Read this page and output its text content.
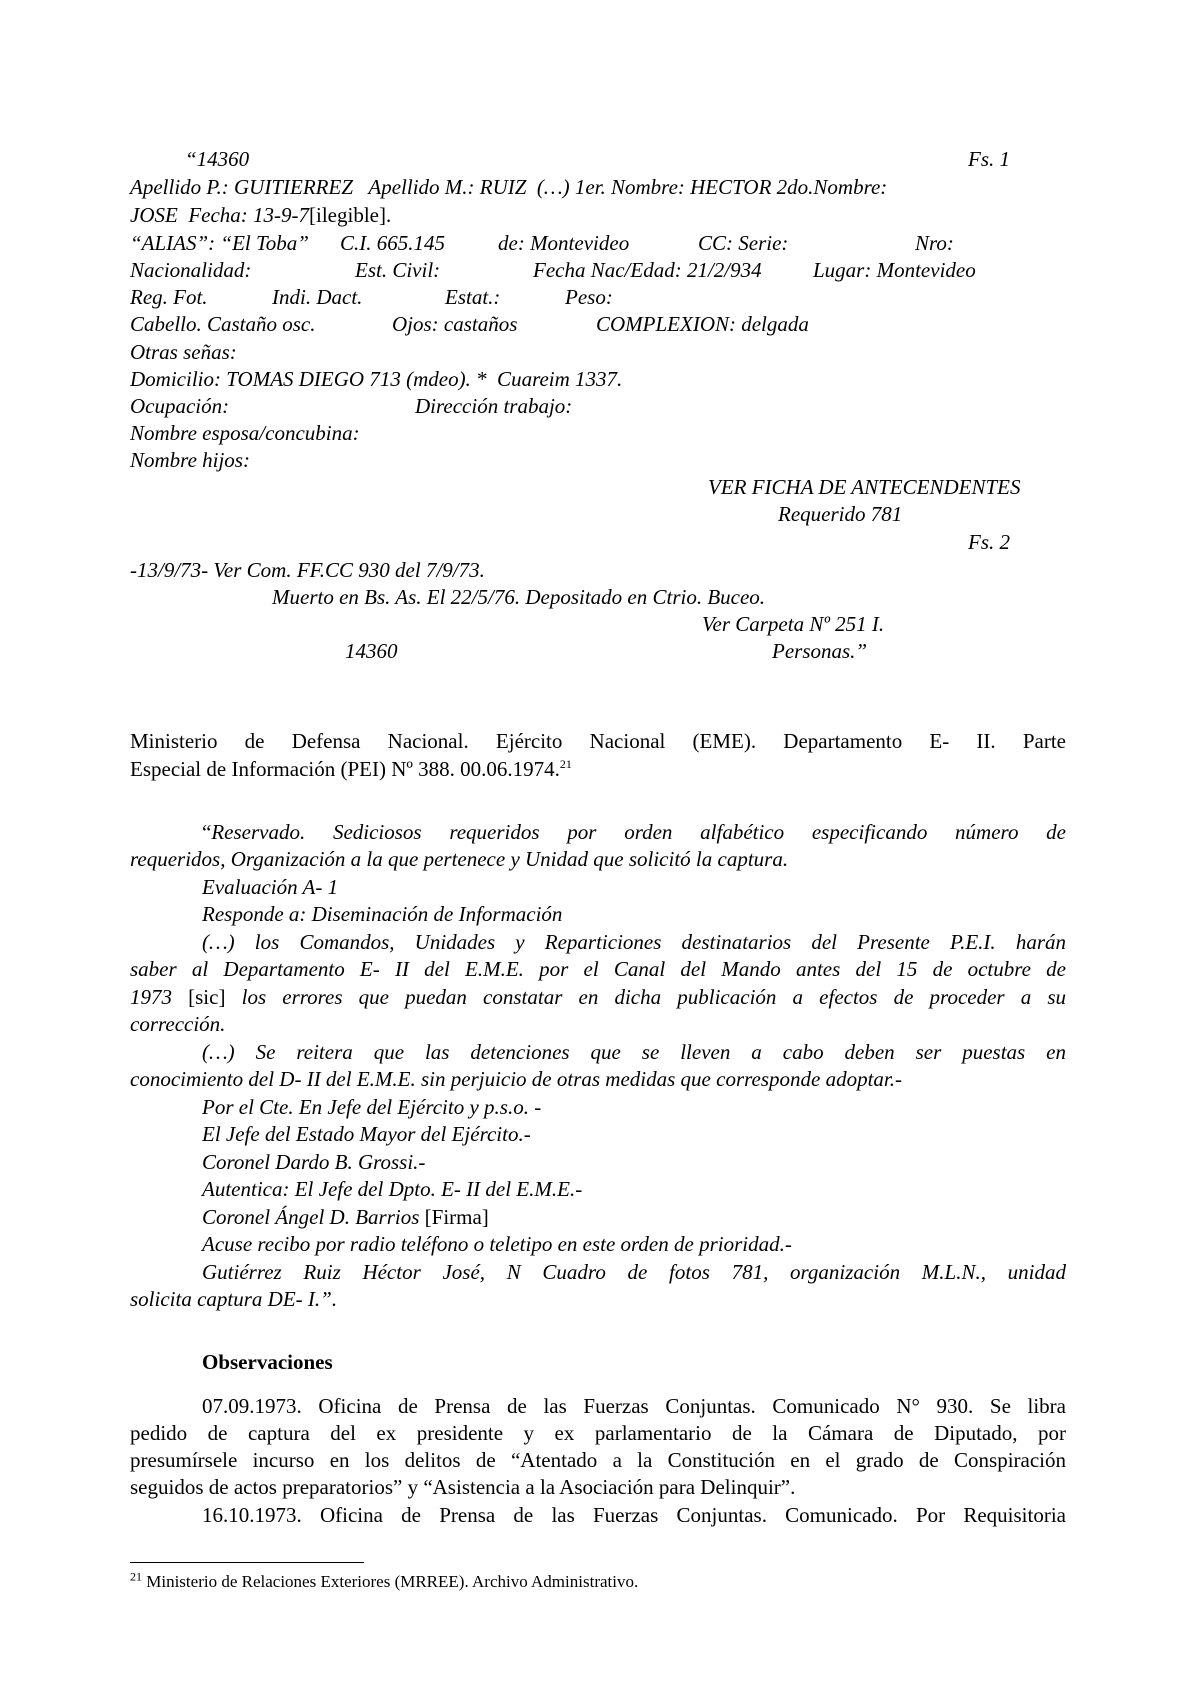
“14360	Fs. 1

Apellido P.: GUITIERREZ   Apellido M.: RUIZ  (…) 1er. Nombre: HECTOR 2do.Nombre:

JOSE  Fecha: 13-9-7[ilegible].

“ALIAS”: “El Toba” C.I. 665.145	de: Montevideo	CC: Serie:	Nro:

Nacionalidad:	Est. Civil:	Fecha Nac/Edad: 21/2/934 Lugar: Montevideo

Reg. Fot.	Indi. Dact.	Estat.:	Peso:

Cabello. Castaño osc.	Ojos: castaños	COMPLEXION: delgada

Otras señas:

Domicilio: TOMAS DIEGO 713 (mdeo). *  Cuareim 1337.

Ocupación:	Dirección trabajo:

Nombre esposa/concubina:

Nombre hijos:

VER FICHA DE ANTECENDENTES

Requerido 781

Fs. 2

-13/9/73- Ver Com. FF.CC 930 del 7/9/73.

Muerto en Bs. As. El 22/5/76. Depositado en Ctrio. Buceo.

Ver Carpeta Nº 251 I.

14360	Personas.”

Ministerio de Defensa Nacional. Ejército Nacional (EME). Departamento E- II. Parte

Especial de Información (PEI) Nº 388. 00.06.1974.21

“Reservado. Sediciosos requeridos por orden alfabético especificando número de

requeridos, Organización a la que pertenece y Unidad que solicitó la captura.

Evaluación A- 1

Responde a: Diseminación de Información

(…) los Comandos, Unidades y Reparticiones destinatarios del Presente P.E.I. harán

saber al Departamento E- II del E.M.E. por el Canal del Mando antes del 15 de octubre de

1973 [sic] los errores que puedan constatar en dicha publicación a efectos de proceder a su

corrección.

(…) Se reitera que las detenciones que se lleven a cabo deben ser puestas en

conocimiento del D- II del E.M.E. sin perjuicio de otras medidas que corresponde adoptar.-

Por el Cte. En Jefe del Ejército y p.s.o. -

El Jefe del Estado Mayor del Ejército.-

Coronel Dardo B. Grossi.-

Autentica: El Jefe del Dpto. E- II del E.M.E.-

Coronel Ángel D. Barrios [Firma]

Acuse recibo por radio teléfono o teletipo en este orden de prioridad.-

Gutiérrez Ruiz Héctor José, N Cuadro de fotos 781, organización M.L.N., unidad

solicita captura DE- I.”.

Observaciones

07.09.1973. Oficina de Prensa de las Fuerzas Conjuntas. Comunicado N° 930. Se libra

pedido de captura del ex presidente y ex parlamentario de la Cámara de Diputado, por

presumírsele incurso en los delitos de “Atentado a la Constitución en el grado de Conspiración

seguidos de actos preparatorios” y “Asistencia a la Asociación para Delinquir”.

16.10.1973. Oficina de Prensa de las Fuerzas Conjuntas. Comunicado. Por Requisitoria

$^{21}$ Ministerio de Relaciones Exteriores (MRREE). Archivo Administrativo.
